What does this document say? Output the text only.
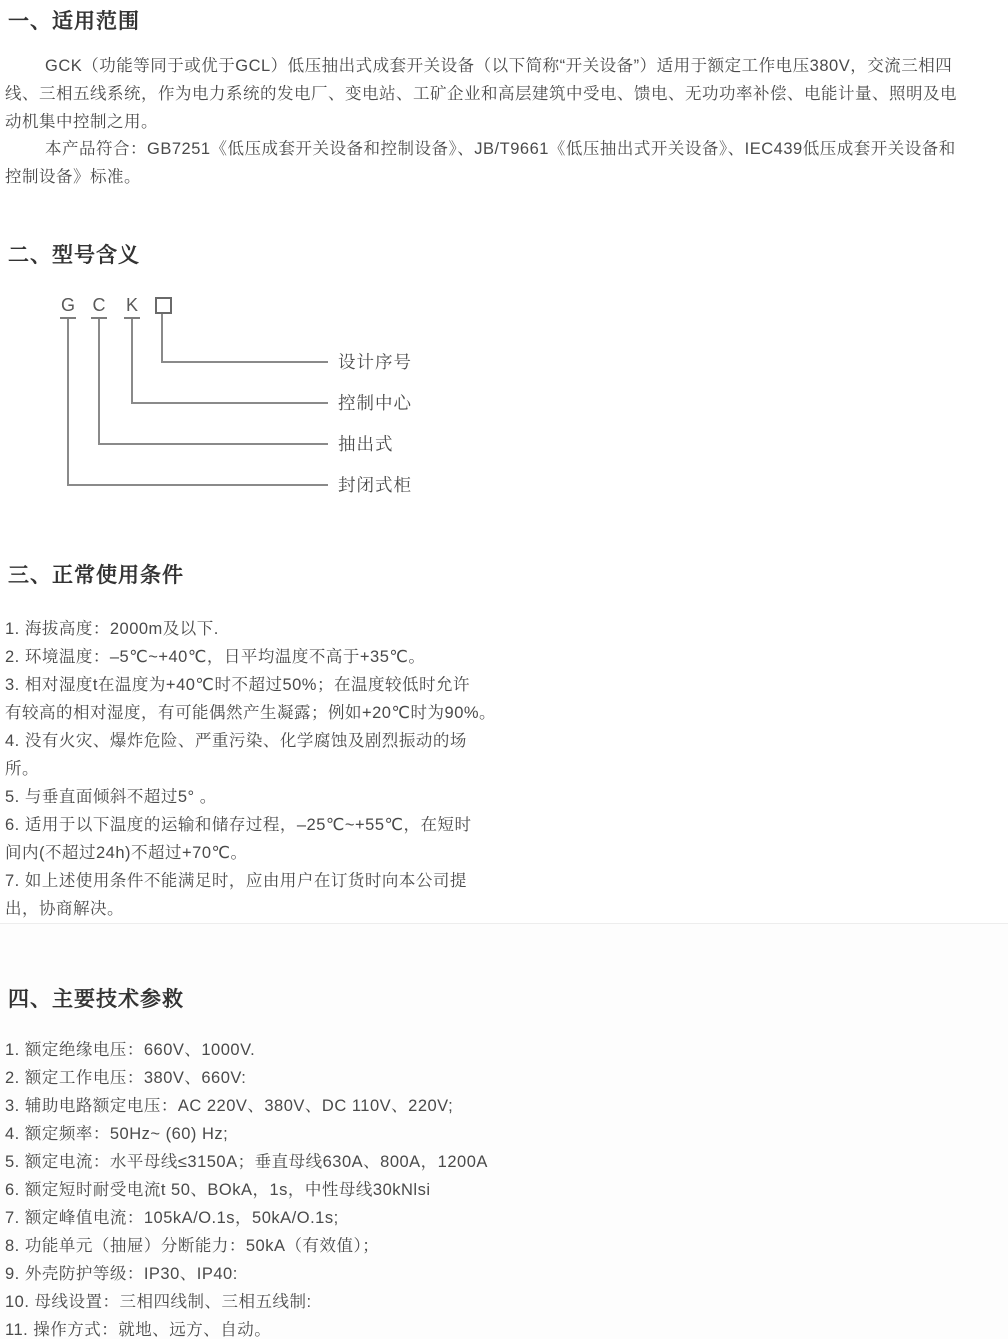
一、适用范围
GCK（功能等同于或优于GCL）低压抽出式成套开关设备（以下简称“开关设备”）适用于额定工作电压380V，交流三相四
线、三相五线系统，作为电力系统的发电厂、变电站、工矿企业和高层建筑中受电、馈电、无功功率补偿、电能计量、照明及电
动机集中控制之用。
本产品符合：GB7251《低压成套开关设备和控制设备》、JB/T9661《低压抽出式开关设备》、IEC439低压成套开关设备和
控制设备》标准。
二、型号含义
G C K
设计序号
控制中心
抽出式
封闭式柜
三、正常使用条件
1. 海拔高度：2000m及以下.
2. 环境温度：–5℃~+40℃，日平均温度不高于+35℃。
3. 相对湿度t在温度为+40℃时不超过50%；在温度较低时允许
有较高的相对湿度，有可能偶然产生凝露；例如+20℃时为90%。
4. 没有火灾、爆炸危险、严重污染、化学腐蚀及剧烈振动的场
所。
5. 与垂直面倾斜不超过5° 。
6. 适用于以下温度的运输和储存过程，–25℃~+55℃，在短时
间内(不超过24h)不超过+70℃。
7. 如上述使用条件不能满足时，应由用户在订货时向本公司提
出，协商解决。
四、主要技术参救
1. 额定绝缘电压：660V、1000V.
2. 额定工作电压：380V、660V:
3. 辅助电路额定电压：AC 220V、380V、DC 110V、220V;
4. 额定频率：50Hz~ (60) Hz;
5. 额定电流：水平母线≤3150A；垂直母线630A、800A，1200A
6. 额定短时耐受电流t 50、BOkA，1s，中性母线30kNlsi
7. 额定峰值电流：105kA/O.1s，50kA/O.1s;
8. 功能单元（抽屉）分断能力：50kA（有效值）；
9. 外壳防护等级：IP30、IP40:
10. 母线设置：三相四线制、三相五线制:
11. 操作方式：就地、远方、自动。
